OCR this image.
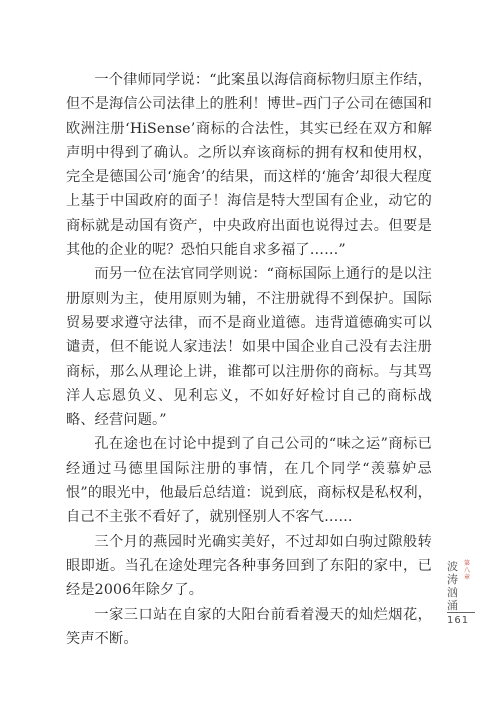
一个律师同学说：“此案虽以海信商标物归原主作结，但不是海信公司法律上的胜利！博世–西门子公司在德国和欧洲注册‘HiSense’商标的合法性，其实已经在双方和解声明中得到了确认。之所以弃该商标的拥有权和使用权，完全是德国公司‘施舍’的结果，而这样的‘施舍’却很大程度上基于中国政府的面子！海信是特大型国有企业，动它的商标就是动国有资产，中央政府出面也说得过去。但要是其他的企业的呢？恐怕只能自求多福了……”

而另一位在法官同学则说：“商标国际上通行的是以注册原则为主，使用原则为辅，不注册就得不到保护。国际贸易要求遵守法律，而不是商业道德。违背道德确实可以谴责，但不能说人家违法！如果中国企业自己没有去注册商标，那么从理论上讲，谁都可以注册你的商标。与其骂洋人忘恩负义、见利忘义，不如好好检讨自己的商标战略、经营问题。”

孔在途也在讨论中提到了自己公司的“味之运”商标已经通过马德里国际注册的事情，在几个同学“羡慕妒忌恨”的眼光中，他最后总结道：说到底，商标权是私权利，自己不主张不看好了，就别怪别人不客气……

三个月的燕园时光确实美好，不过却如白驹过隙般转眼即逝。当孔在途处理完各种事务回到了东阳的家中，已经是2006年除夕了。

一家三口站在自家的大阳台前看着漫天的灿烂烟花，笑声不断。

波涛汹涌
第八章
161
